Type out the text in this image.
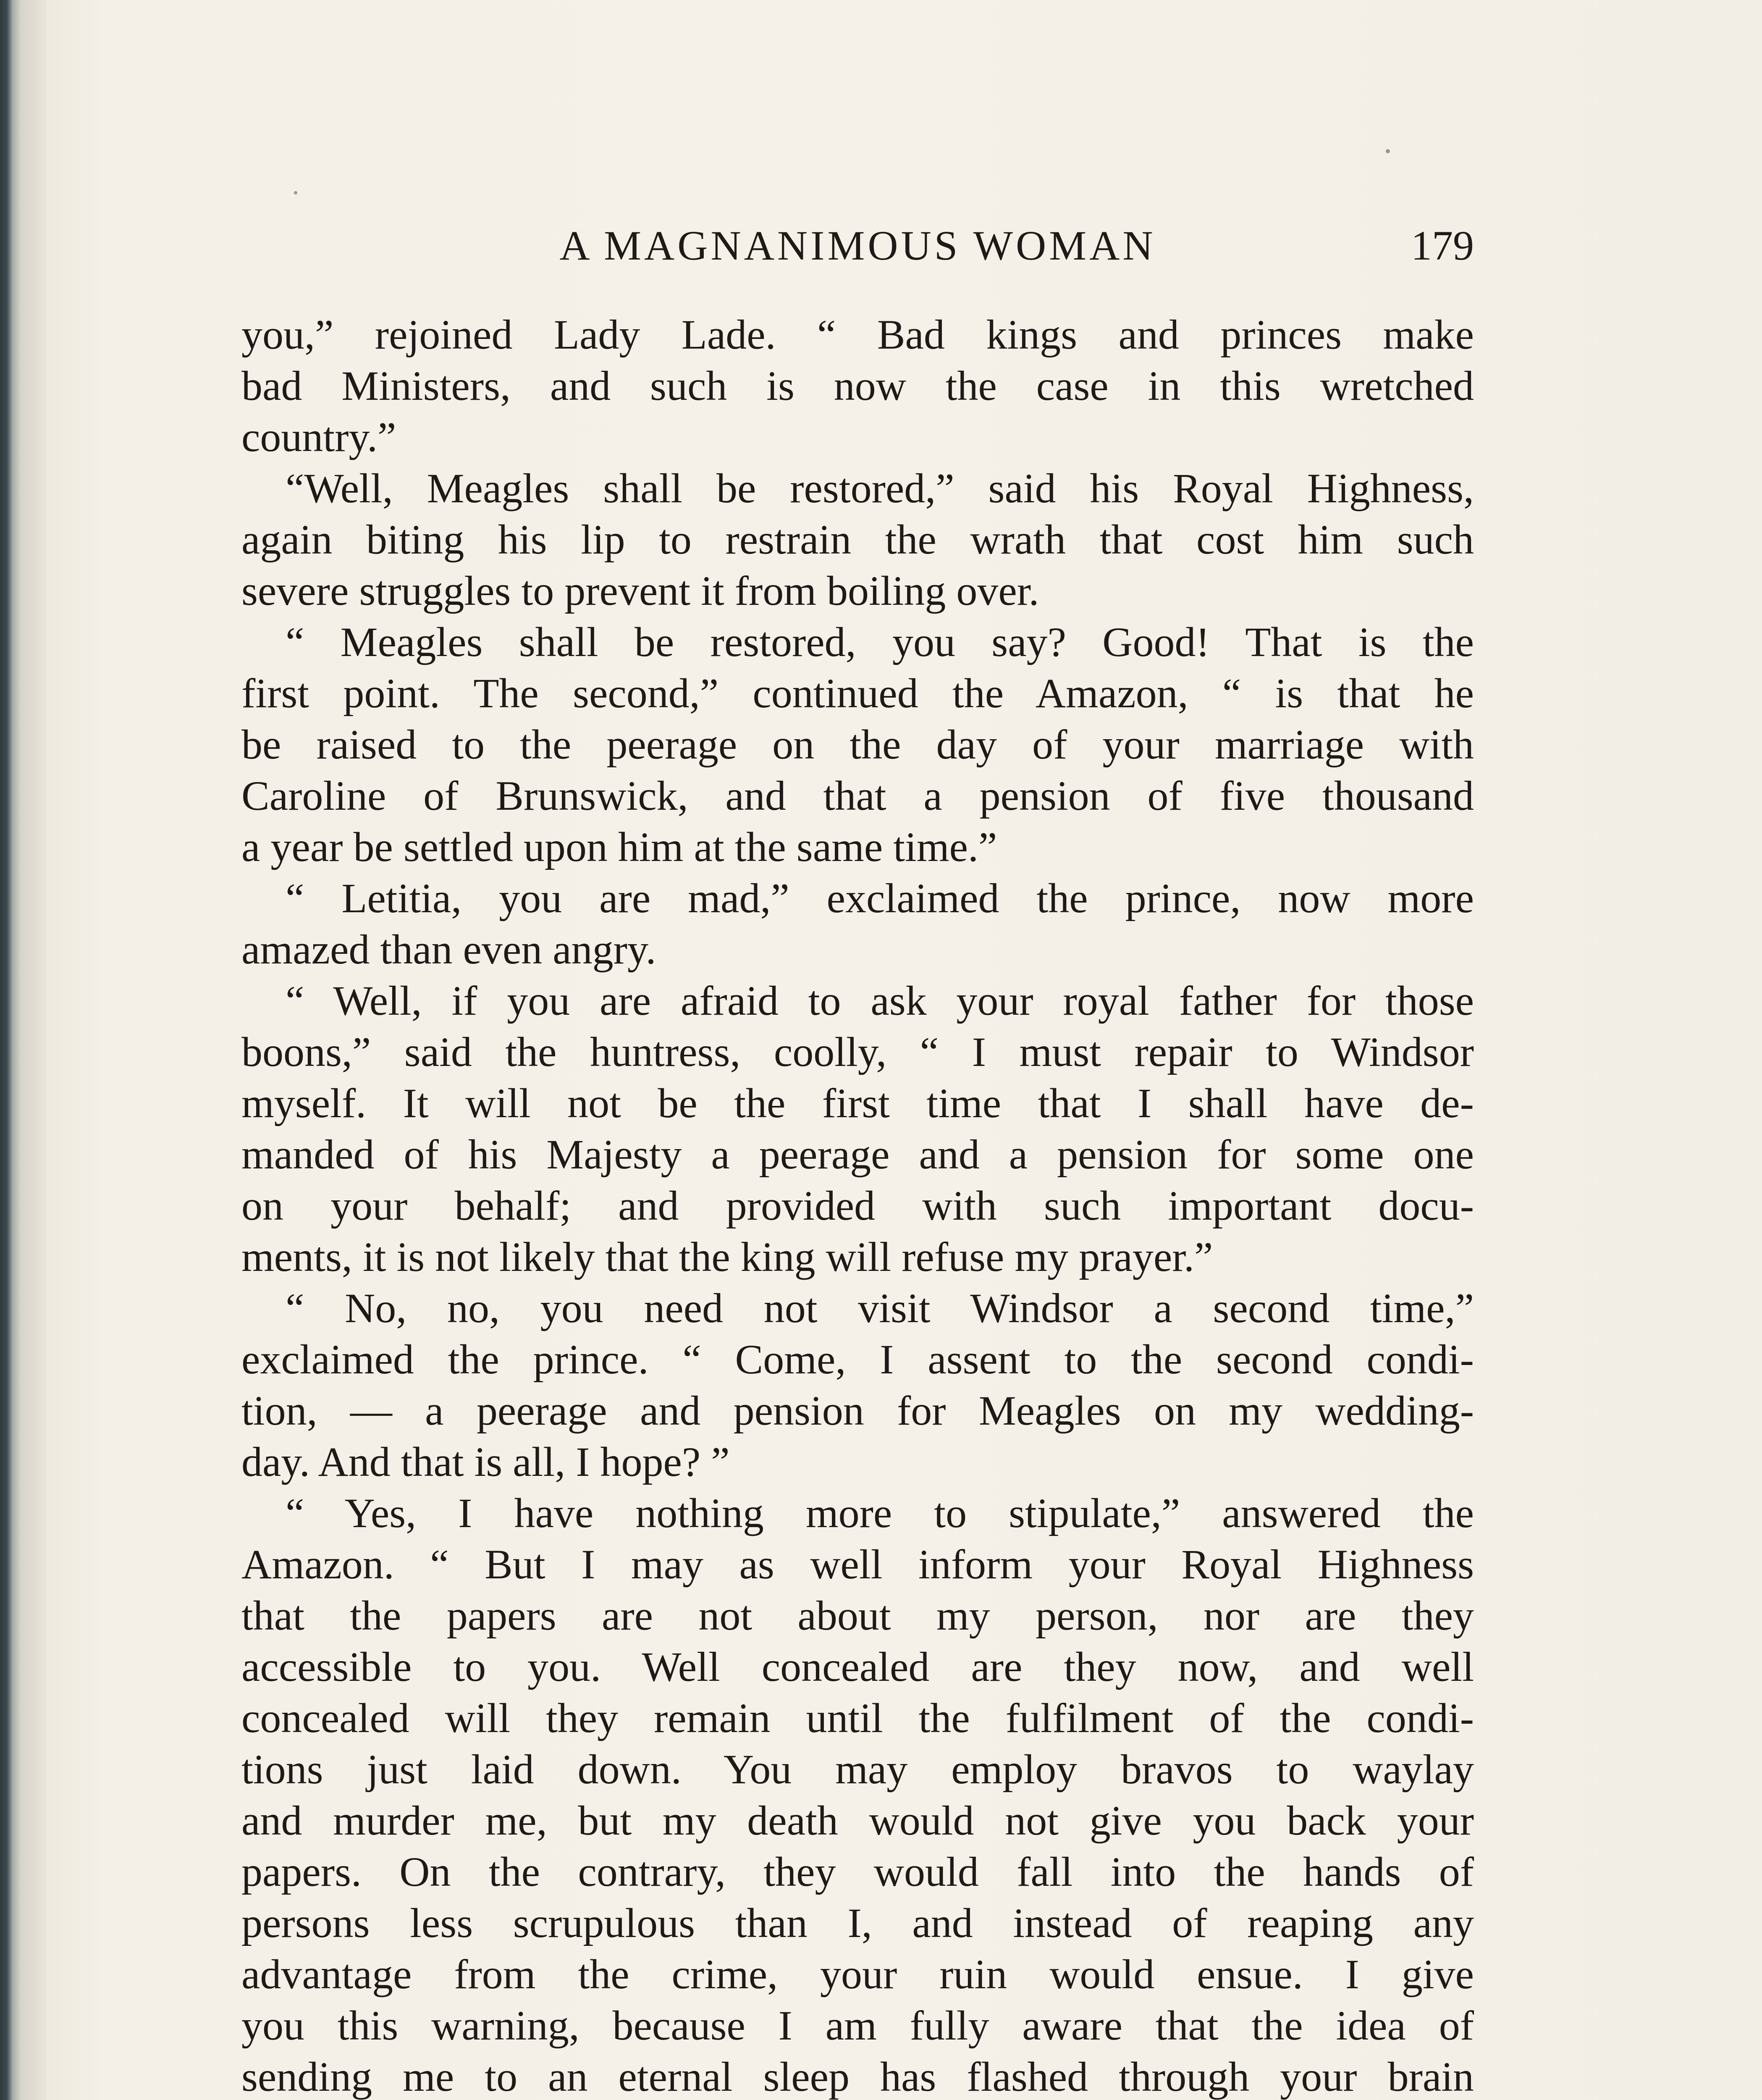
A MAGNANIMOUS WOMAN	179
you,” rejoined Lady Lade. “ Bad kings and princes make
bad Ministers, and such is now the case in this wretched
country.”
“Well, Meagles shall be restored,” said his Royal Highness,
again biting his lip to restrain the wrath that cost him such
severe struggles to prevent it from boiling over.
“ Meagles shall be restored, you say? Good! That is the
first point. The second,” continued the Amazon, “ is that he
be raised to the peerage on the day of your marriage with
Caroline of Brunswick, and that a pension of five thousand
a year be settled upon him at the same time.”
“ Letitia, you are mad,” exclaimed the prince, now more
amazed than even angry.
“ Well, if you are afraid to ask your royal father for those
boons,” said the huntress, coolly, “ I must repair to Windsor
myself. It will not be the first time that I shall have de-
manded of his Majesty a peerage and a pension for some one
on your behalf; and provided with such important docu-
ments, it is not likely that the king will refuse my prayer.”
“ No, no, you need not visit Windsor a second time,”
exclaimed the prince. “ Come, I assent to the second condi-
tion, — a peerage and pension for Meagles on my wedding-
day. And that is all, I hope? ”
“ Yes, I have nothing more to stipulate,” answered the
Amazon. “ But I may as well inform your Royal Highness
that the papers are not about my person, nor are they
accessible to you. Well concealed are they now, and well
concealed will they remain until the fulfilment of the condi-
tions just laid down. You may employ bravos to waylay
and murder me, but my death would not give you back your
papers. On the contrary, they would fall into the hands of
persons less scrupulous than I, and instead of reaping any
advantage from the crime, your ruin would ensue. I give
you this warning, because I am fully aware that the idea of
sending me to an eternal sleep has flashed through your brain
